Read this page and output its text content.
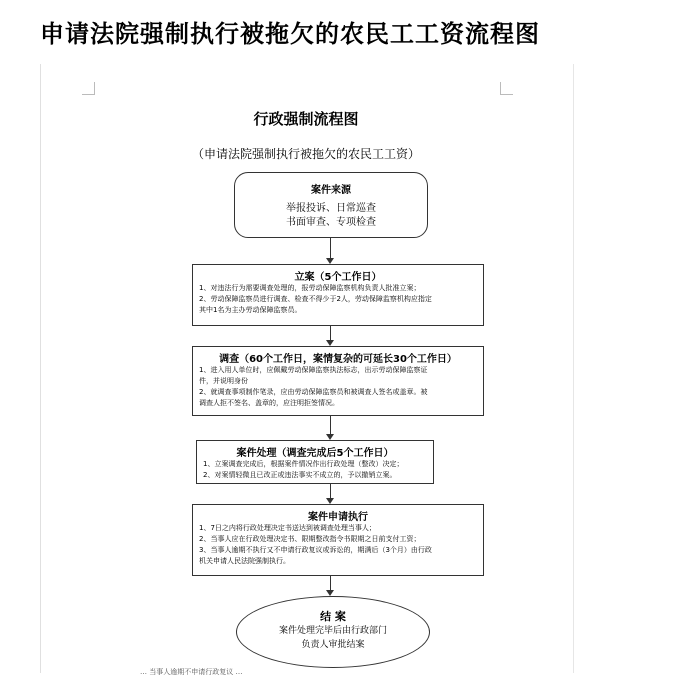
申请法院强制执行被拖欠的农民工工资流程图
行政强制流程图
（申请法院强制执行被拖欠的农民工工资）
案件来源
举报投诉、日常巡查
书面审查、专项检查
立案（5个工作日）
1、对违法行为需要调查处理的，报劳动保障监察机构负责人批准立案；
2、劳动保障监察员进行调查、检查不得少于2人，劳动保障监察机构应指定
其中1名为主办劳动保障监察员。
调查（60个工作日，案情复杂的可延长30个工作日）
1、进入用人单位时，应佩戴劳动保障监察执法标志，出示劳动保障监察证
件，并说明身份
2、就调查事项制作笔录，应由劳动保障监察员和被调查人签名或盖章。被
调查人拒不签名、盖章的，应注明拒签情况。
案件处理（调查完成后5个工作日）
1、立案调查完成后，根据案件情况作出行政处理（整改）决定；
2、对案情轻微且已改正或违法事实不成立的，予以撤销立案。
案件申请执行
1、7日之内将行政处理决定书送达到被调查处理当事人；
2、当事人应在行政处理决定书、限期整改指令书限期之日前支付工资；
3、当事人逾期不执行又不申请行政复议或诉讼的，期满后（3个月）由行政
机关申请人民法院强制执行。
结 案
案件处理完毕后由行政部门
负责人审批结案
… 当事人逾期不申请行政复议 …
